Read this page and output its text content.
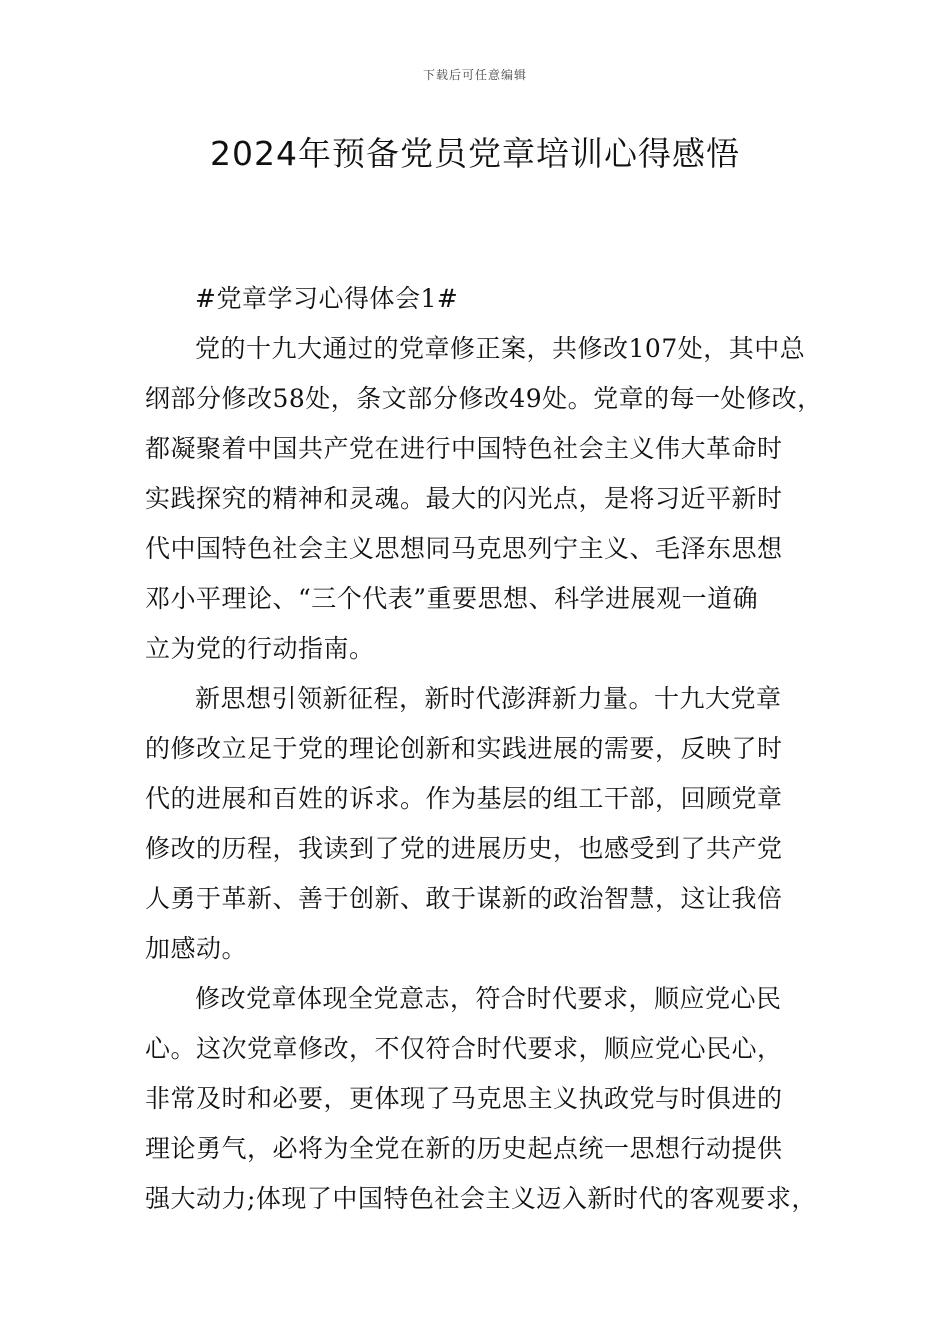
下载后可任意编辑
2024年预备党员党章培训心得感悟
#党章学习心得体会1#
党的十九大通过的党章修正案，共修改107处，其中总
纲部分修改58处，条文部分修改49处。党章的每一处修改，
都凝聚着中国共产党在进行中国特色社会主义伟大革命时
实践探究的精神和灵魂。最大的闪光点，是将习近平新时
代中国特色社会主义思想同马克思列宁主义、毛泽东思想
邓小平理论、“三个代表”重要思想、科学进展观一道确
立为党的行动指南。
新思想引领新征程，新时代澎湃新力量。十九大党章
的修改立足于党的理论创新和实践进展的需要，反映了时
代的进展和百姓的诉求。作为基层的组工干部，回顾党章
修改的历程，我读到了党的进展历史，也感受到了共产党
人勇于革新、善于创新、敢于谋新的政治智慧，这让我倍
加感动。
修改党章体现全党意志，符合时代要求，顺应党心民
心。这次党章修改，不仅符合时代要求，顺应党心民心，
非常及时和必要，更体现了马克思主义执政党与时俱进的
理论勇气，必将为全党在新的历史起点统一思想行动提供
强大动力;体现了中国特色社会主义迈入新时代的客观要求，
